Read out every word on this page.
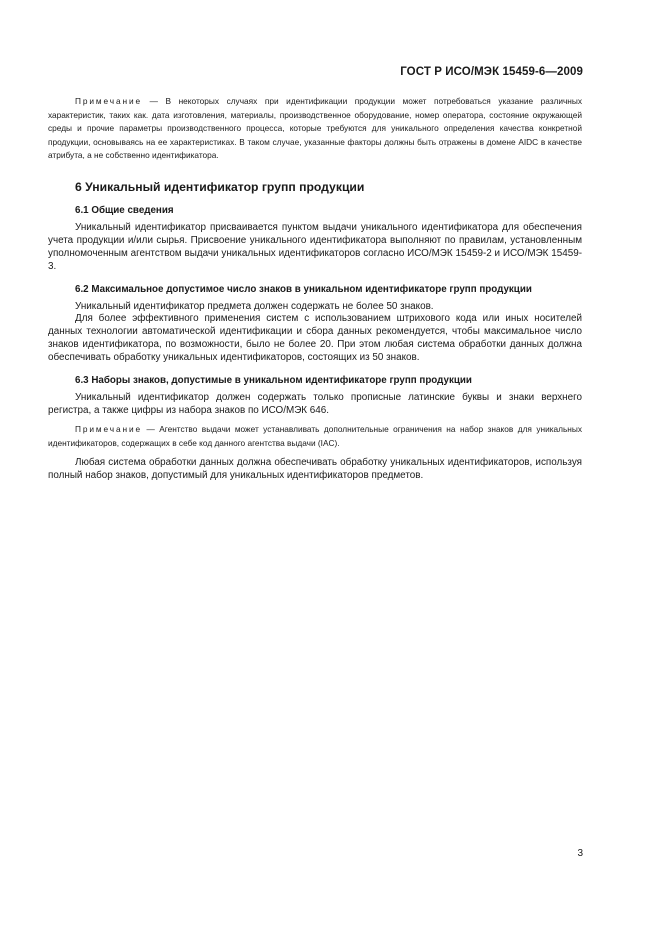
ГОСТ Р ИСО/МЭК 15459-6—2009

Примечание — В некоторых случаях при идентификации продукции может потребоваться указание различных характеристик, таких как. дата изготовления, материалы, производственное оборудование, номер оператора, состояние окружающей среды и прочие параметры производственного процесса, которые требуются для уникального определения качества конкретной продукции, основываясь на ее характеристиках. В таком случае, указанные факторы должны быть отражены в домене AIDC в качестве атрибута, а не собственно идентификатора.

6 Уникальный идентификатор групп продукции
6.1 Общие сведения

Уникальный идентификатор присваивается пунктом выдачи уникального идентификатора для обеспечения учета продукции и/или сырья. Присвоение уникального идентификатора выполняют по правилам, установленным уполномоченным агентством выдачи уникальных идентификаторов согласно ИСО/МЭК 15459-2 и ИСО/МЭК 15459-3.

6.2 Максимальное допустимое число знаков в уникальном идентификаторе групп продукции

Уникальный идентификатор предмета должен содержать не более 50 знаков.

Для более эффективного применения систем с использованием штрихового кода или иных носителей данных технологии автоматической идентификации и сбора данных рекомендуется, чтобы максимальное число знаков идентификатора, по возможности, было не более 20. При этом любая система обработки данных должна обеспечивать обработку уникальных идентификаторов, состоящих из 50 знаков.

6.3 Наборы знаков, допустимые в уникальном идентификаторе групп продукции

Уникальный идентификатор должен содержать только прописные латинские буквы и знаки верхнего регистра, а также цифры из набора знаков по ИСО/МЭК 646.

Примечание — Агентство выдачи может устанавливать дополнительные ограничения на набор знаков для уникальных идентификаторов, содержащих в себе код данного агентства выдачи (IAC).

Любая система обработки данных должна обеспечивать обработку уникальных идентификаторов, используя полный набор знаков, допустимый для уникальных идентификаторов предметов.

3
